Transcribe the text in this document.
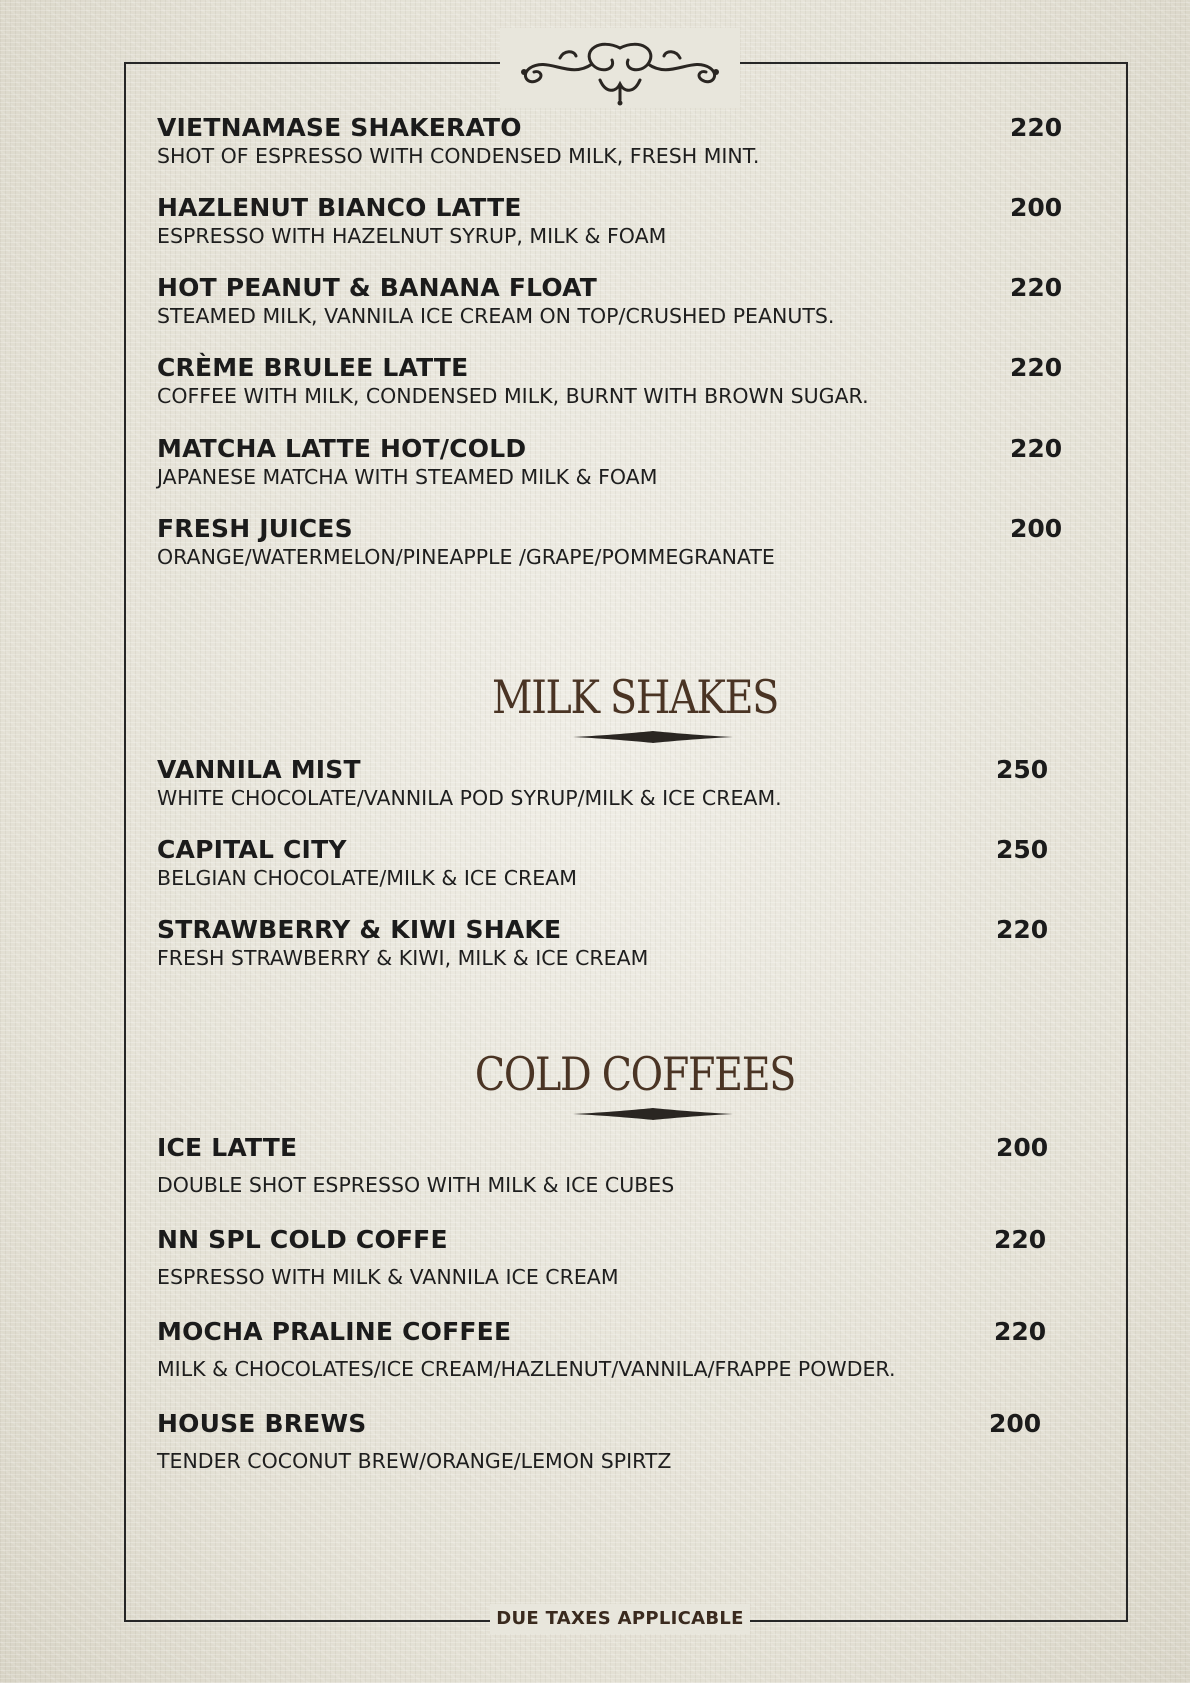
VIETNAMASE SHAKERATO
SHOT OF ESPRESSO WITH CONDENSED MILK, FRESH MINT.
220
HAZLENUT BIANCO LATTE
ESPRESSO WITH HAZELNUT SYRUP, MILK & FOAM
200
HOT PEANUT & BANANA FLOAT
STEAMED MILK, VANNILA ICE CREAM ON TOP/CRUSHED PEANUTS.
220
CRÈME BRULEE LATTE
COFFEE WITH MILK, CONDENSED MILK, BURNT WITH BROWN SUGAR.
220
MATCHA LATTE HOT/COLD
JAPANESE MATCHA WITH STEAMED MILK & FOAM
220
FRESH JUICES
ORANGE/WATERMELON/PINEAPPLE /GRAPE/POMMEGRANATE
200
MILK SHAKES
VANNILA MIST
WHITE CHOCOLATE/VANNILA POD SYRUP/MILK & ICE CREAM.
250
CAPITAL CITY
BELGIAN CHOCOLATE/MILK & ICE CREAM
250
STRAWBERRY & KIWI SHAKE
FRESH STRAWBERRY & KIWI, MILK & ICE CREAM
220
COLD COFFEES
ICE LATTE
DOUBLE SHOT ESPRESSO WITH MILK & ICE CUBES
200
NN SPL COLD COFFE
ESPRESSO WITH MILK & VANNILA ICE CREAM
220
MOCHA PRALINE COFFEE
MILK & CHOCOLATES/ICE CREAM/HAZLENUT/VANNILA/FRAPPE POWDER.
220
HOUSE BREWS
TENDER COCONUT BREW/ORANGE/LEMON SPIRTZ
200
DUE TAXES APPLICABLE
